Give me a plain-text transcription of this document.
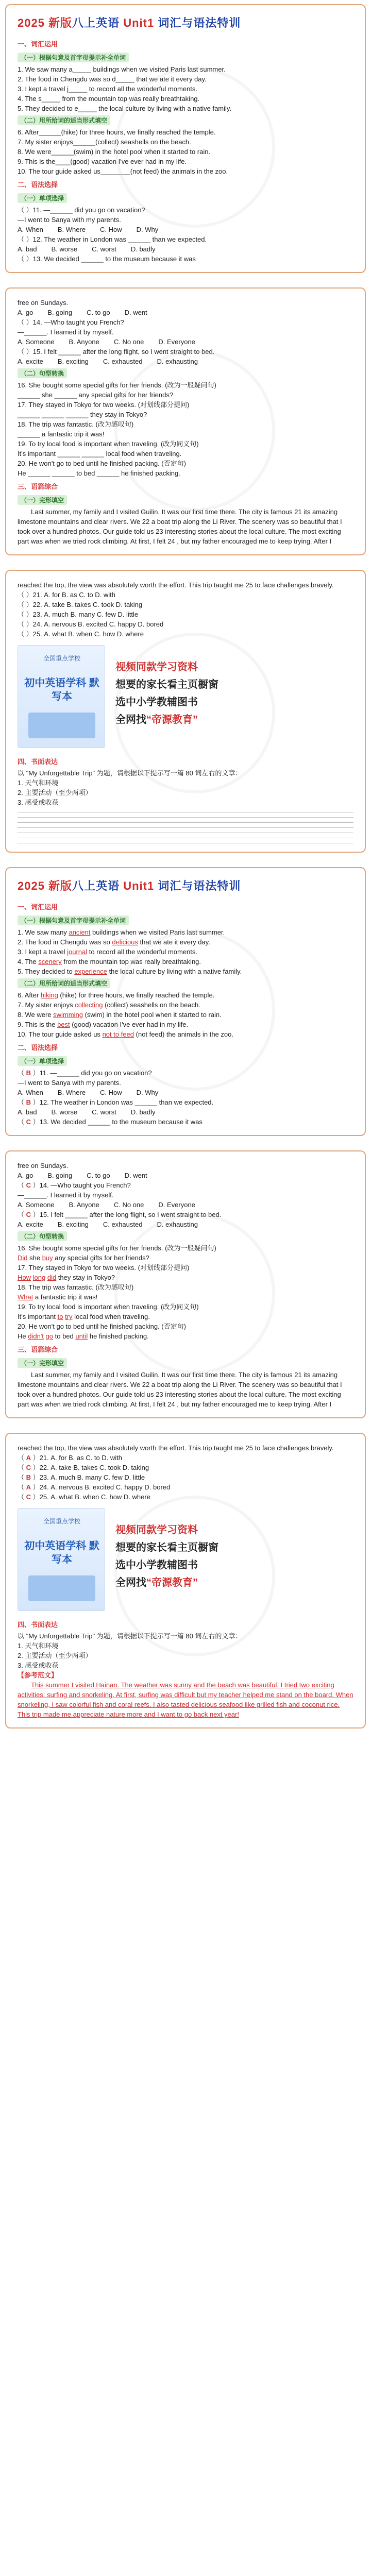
2025 新版八上英语 Unit1 词汇与语法特训
一、词汇运用
（一）根据句意及首字母提示补全单词

1. We saw many a_____ buildings when we visited Paris last summer.

2. The food in Chengdu was so d_____ that we ate it every day.

3. I kept a travel j_____ to record all the wonderful moments.

4. The s_____ from the mountain top was really breathtaking.

5. They decided to e_____ the local culture by living with a native family.

（二）用所给词的适当形式填空

6. After______(hike) for three hours, we finally reached the temple.

7. My sister enjoys______(collect) seashells on the beach.

8. We were______(swim) in the hotel pool when it started to rain.

9. This is the____(good) vacation I've ever had in my life.

10. The tour guide asked us________(not feed) the animals in the zoo.

二、语法选择
（一）单项选择

（ ）11. —______ did you go on vacation?

—I went to Sanya with my parents.

A. When B. Where C. How D. Why

（ ）12. The weather in London was ______ than we expected.

A. bad B. worse C. worst D. badly

（ ）13. We decided ______ to the museum because it was

free on Sundays.

A. go B. going C. to go D. went

（ ）14. —Who taught you French?

—______. I learned it by myself.

A. Someone B. Anyone C. No one D. Everyone

（ ）15. I felt ______ after the long flight, so I went straight to bed.

A. excite B. exciting C. exhausted D. exhausting
（二）句型转换

16. She bought some special gifts for her friends. (改为一般疑问句)

______ she ______ any special gifts for her friends?

17. They stayed in Tokyo for two weeks. (对划线部分提问)

______ ______ ______ they stay in Tokyo?

18. The trip was fantastic. (改为感叹句)

______ a fantastic trip it was!

19. To try local food is important when traveling. (改为同义句)

It's important ______ ______ local food when traveling.

20. He won't go to bed until he finished packing. (否定句)

He ______ ______ to bed ______ he finished packing.

三、语篇综合
（一）完形填空

Last summer, my family and I visited Guilin. It was our first time there. The city is famous 21 its amazing limestone mountains and clear rivers. We 22 a boat trip along the Li River. The scenery was so beautiful that I took over a hundred photos. Our guide told us 23 interesting stories about the local culture. The most exciting part was when we tried rock climbing. At first, I felt 24 , but my father encouraged me to keep trying. After I

reached the top, the view was absolutely worth the effort. This trip taught me 25 to face challenges bravely.

（ ）21. A. for B. as C. to D. with

（ ）22. A. take B. takes C. took D. taking

（ ）23. A. much B. many C. few D. little

（ ）24. A. nervous B. excited C. happy D. bored

（ ）25. A. what B. when C. how D. where

全国重点学校
初中英语学科 默写本
视频同款学习资料
想要的家长看主页橱窗
选中小学教辅图书
全网找“帝源教育”
四、书面表达

以 "My Unforgettable Trip" 为题，请根据以下提示写一篇 80 词左右的文章：

1. 天气和环境

2. 主要活动（至少两项）

3. 感受或收获

2025 新版八上英语 Unit1 词汇与语法特训
一、词汇运用
（一）根据句意及首字母提示补全单词

1. We saw many ancient buildings when we visited Paris last summer.

2. The food in Chengdu was so delicious that we ate it every day.

3. I kept a travel journal to record all the wonderful moments.

4. The scenery from the mountain top was really breathtaking.

5. They decided to experience the local culture by living with a native family.

（二）用所给词的适当形式填空

6. After hiking (hike) for three hours, we finally reached the temple.

7. My sister enjoys collecting (collect) seashells on the beach.

8. We were swimming (swim) in the hotel pool when it started to rain.

9. This is the best (good) vacation I've ever had in my life.

10. The tour guide asked us not to feed (not feed) the animals in the zoo.

二、语法选择
（一）单项选择

（ B ）11. —______ did you go on vacation?

—I went to Sanya with my parents.

A. When B. Where C. How D. Why

（ B ）12. The weather in London was ______ than we expected.

A. bad B. worse C. worst D. badly

（ C ）13. We decided ______ to the museum because it was

free on Sundays.

A. go B. going C. to go D. went

（ C ）14. —Who taught you French?

—______. I learned it by myself.

A. Someone B. Anyone C. No one D. Everyone

（ C ）15. I felt ______ after the long flight, so I went straight to bed.

A. excite B. exciting C. exhausted D. exhausting
（二）句型转换

16. She bought some special gifts for her friends. (改为一般疑问句)

Did she buy any special gifts for her friends?

17. They stayed in Tokyo for two weeks. (对划线部分提问)

How long did they stay in Tokyo?

18. The trip was fantastic. (改为感叹句)

What a fantastic trip it was!

19. To try local food is important when traveling. (改为同义句)

It's important to try local food when traveling.

20. He won't go to bed until he finished packing. (否定句)

He didn't go to bed until he finished packing.

三、语篇综合
（一）完形填空

Last summer, my family and I visited Guilin. It was our first time there. The city is famous 21 its amazing limestone mountains and clear rivers. We 22 a boat trip along the Li River. The scenery was so beautiful that I took over a hundred photos. Our guide told us 23 interesting stories about the local culture. The most exciting part was when we tried rock climbing. At first, I felt 24 , but my father encouraged me to keep trying. After I

reached the top, the view was absolutely worth the effort. This trip taught me 25 to face challenges bravely.

（ A ）21. A. for B. as C. to D. with

（ C ）22. A. take B. takes C. took D. taking

（ B ）23. A. much B. many C. few D. little

（ A ）24. A. nervous B. excited C. happy D. bored

（ C ）25. A. what B. when C. how D. where

全国重点学校
初中英语学科 默写本
视频同款学习资料
想要的家长看主页橱窗
选中小学教辅图书
全网找“帝源教育”
四、书面表达

以 "My Unforgettable Trip" 为题，请根据以下提示写一篇 80 词左右的文章：

1. 天气和环境

2. 主要活动（至少两项）

3. 感受或收获

【参考范文】

This summer I visited Hainan. The weather was sunny and the beach was beautiful. I tried two exciting activities: surfing and snorkeling. At first, surfing was difficult but my teacher helped me stand on the board. When snorkeling, I saw colorful fish and coral reefs. I also tasted delicious seafood like grilled fish and coconut rice. This trip made me appreciate nature more and I want to go back next year!
